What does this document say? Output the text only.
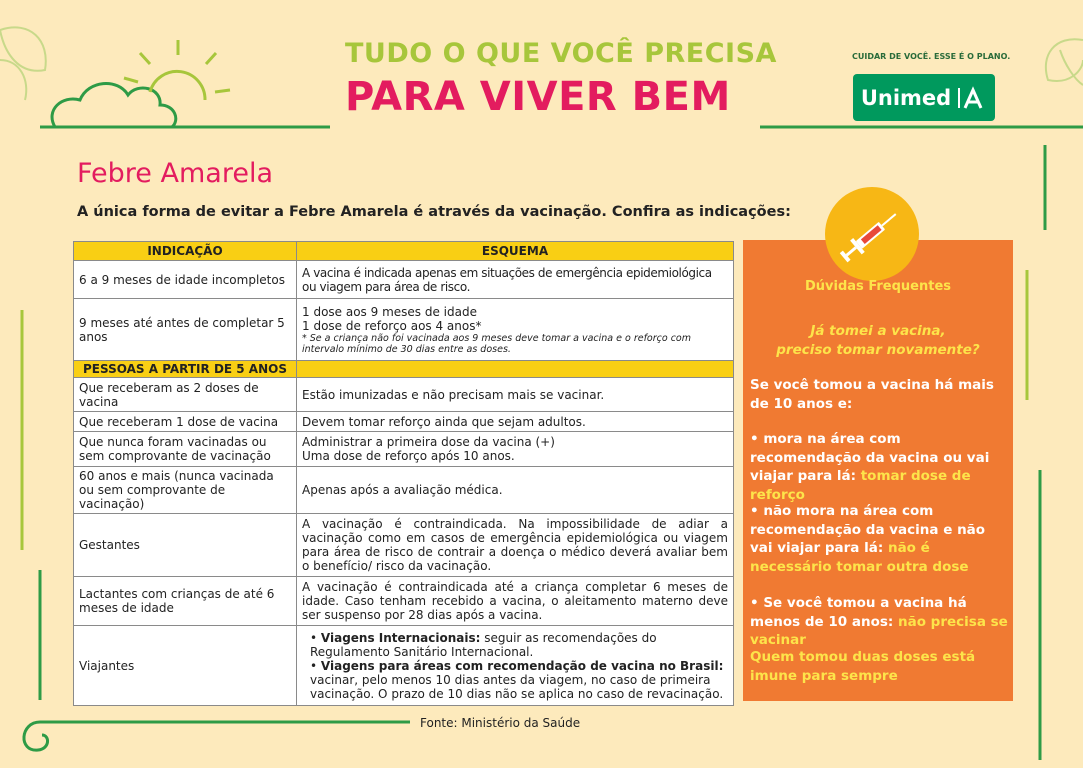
TUDO O QUE VOCÊ PRECISA
PARA VIVER BEM
CUIDAR DE VOCÊ. ESSE É O PLANO.
Unimed
Febre Amarela
A única forma de evitar a Febre Amarela é através da vacinação. Confira as indicações:
INDICAÇÃO	ESQUEMA
6 a 9 meses de idade incompletos	A vacina é indicada apenas em situações de emergência epidemiológica ou viagem para área de risco.
9 meses até antes de completar 5 anos	1 dose aos 9 meses de idade
1 dose de reforço aos 4 anos*
* Se a criança não foi vacinada aos 9 meses deve tomar a vacina e o reforço com intervalo mínimo de 30 dias entre as doses.

PESSOAS A PARTIR DE 5 ANOS	
Que receberam as 2 doses de vacina	Estão imunizadas e não precisam mais se vacinar.
Que receberam 1 dose de vacina	Devem tomar reforço ainda que sejam adultos.
Que nunca foram vacinadas ou sem comprovante de vacinação	Administrar a primeira dose da vacina (+)
Uma dose de reforço após 10 anos.

60 anos e mais (nunca vacinada ou sem comprovante de vacinação)	Apenas após a avaliação médica.
Gestantes	A vacinação é contraindicada. Na impossibilidade de adiar a vacinação como em casos de emergência epidemiológica ou viagem para área de risco de contrair a doença o médico deverá avaliar bem o benefício/ risco da vacinação.
Lactantes com crianças de até 6 meses de idade	A vacinação é contraindicada até a criança completar 6 meses de idade. Caso tenham recebido a vacina, o aleitamento materno deve ser suspenso por 28 dias após a vacina.
Viajantes	• Viagens Internacionais: seguir as recomendações do Regulamento Sanitário Internacional.
• Viagens para áreas com recomendação de vacina no Brasil: vacinar, pelo menos 10 dias antes da viagem, no caso de primeira vacinação. O prazo de 10 dias não se aplica no caso de revacinação.
Fonte: Ministério da Saúde
Dúvidas Frequentes
Já tomei a vacina,
preciso tomar novamente?
Se você tomou a vacina há mais de 10 anos e:
• mora na área com recomendação da vacina ou vai viajar para lá: tomar dose de reforço
• não mora na área com recomendação da vacina e não vai viajar para lá: não é necessário tomar outra dose
• Se você tomou a vacina há menos de 10 anos: não precisa se vacinar
Quem tomou duas doses está imune para sempre
